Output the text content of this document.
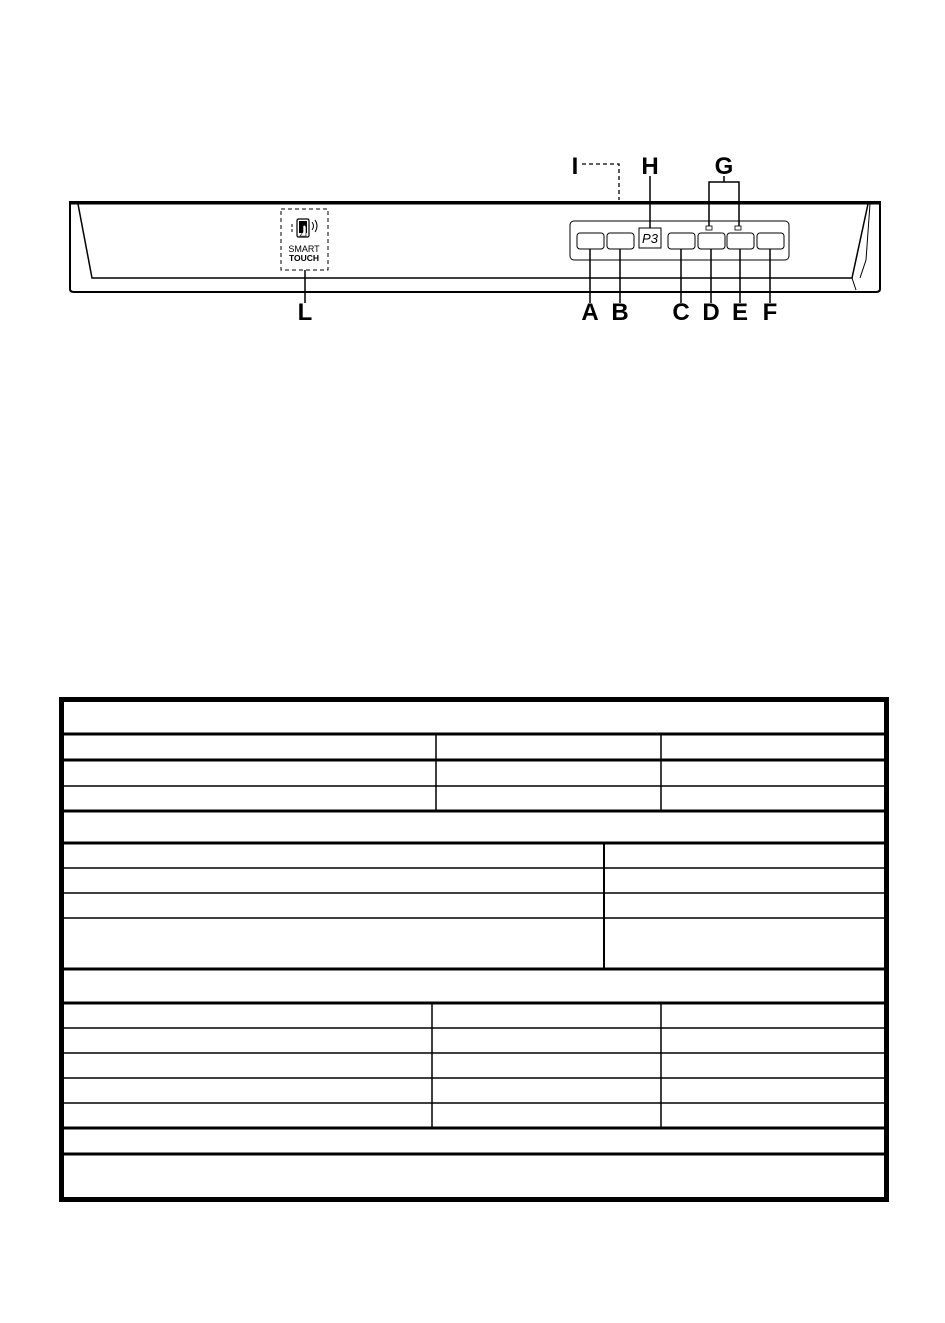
P3
SMART
TOUCH
A B C D E F
L
H G
I
